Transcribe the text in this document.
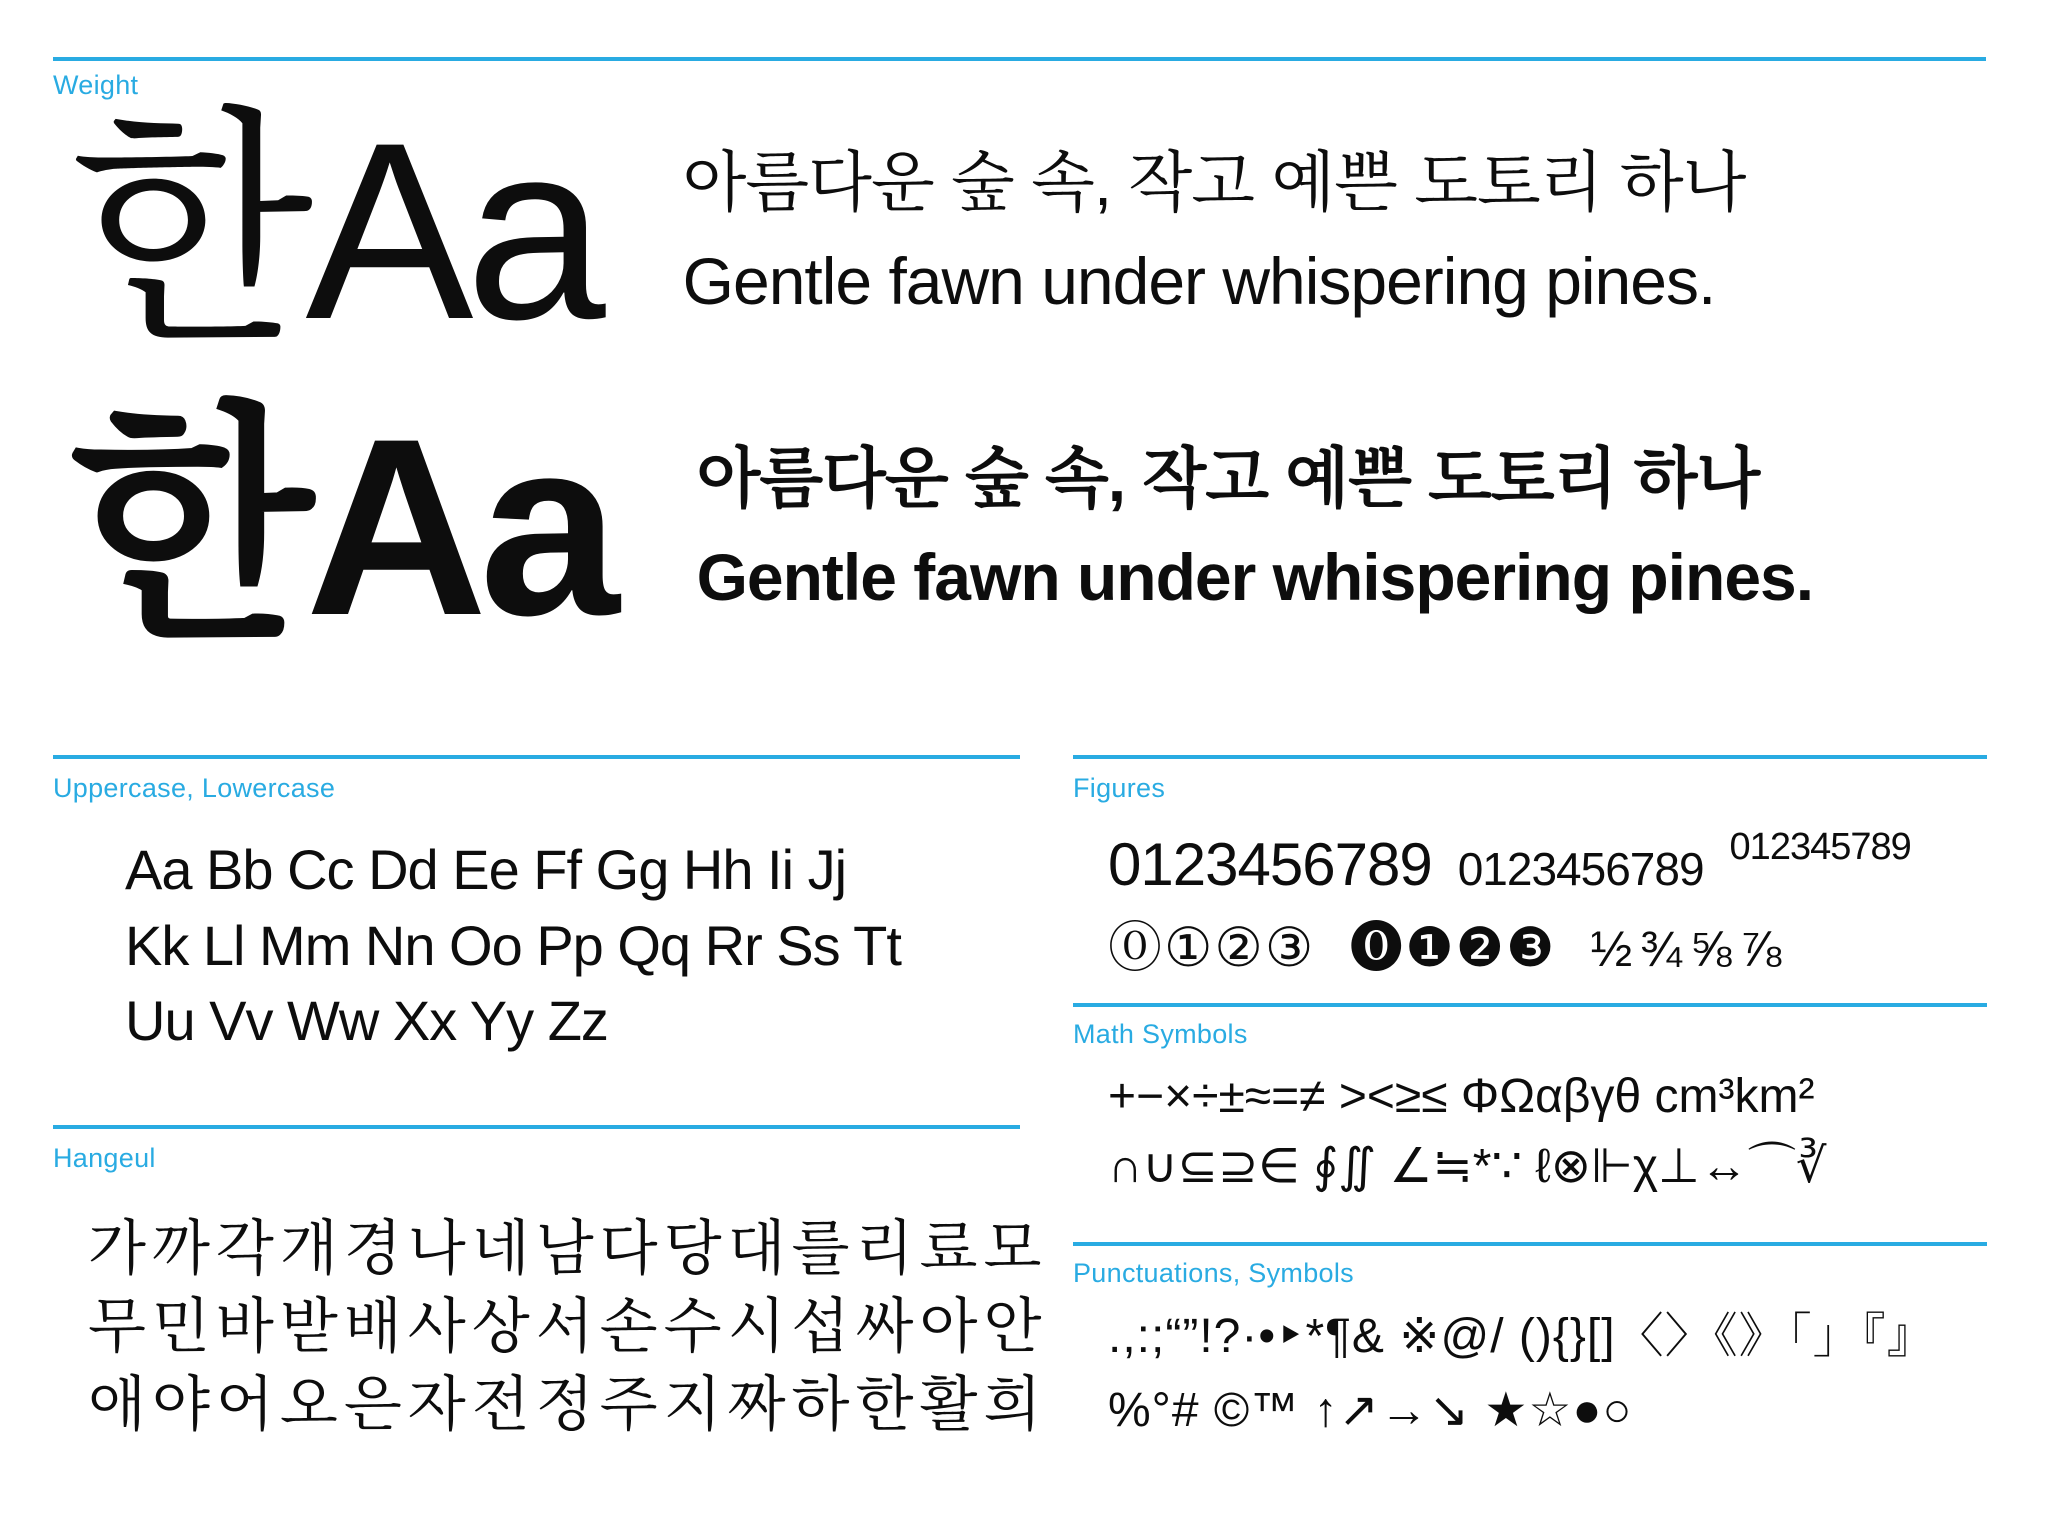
Weight
한Aa 아름다운 숲 속, 작고 예쁜 도토리 하나
Gentle fawn under whispering pines.
한Aa 아름다운 숲 속, 작고 예쁜 도토리 하나
Gentle fawn under whispering pines.
Uppercase, Lowercase
Aa Bb Cc Dd Ee Ff Gg Hh Ii Jj
Kk Ll Mm Nn Oo Pp Qq Rr Ss Tt
Uu Vv Ww Xx Yy Zz
Hangeul
가까각개경나네남다당대를리료모
무민바받배사상서손수시섭싸아안
애야어오은자전정주지짜하한활희
Figures
0123456789 0123456789 012345789
⓪①②③ ⓿❶❷❸ ½¾⅝⅞
Math Symbols
+−×÷±≈=≠ ><≥≤ ΦΩαβγθ cm³km²
∩∪⊆⊇∈ ∮∬ ∠≒*∵ ℓ⊗⊩χ⊥↔⌒∛
Punctuations, Symbols
.,:;“”!?·•‣*¶& ※@/ (){}[]〈〉《》「」『』
%°# ©™ ↑↗→↘ ★☆●○
